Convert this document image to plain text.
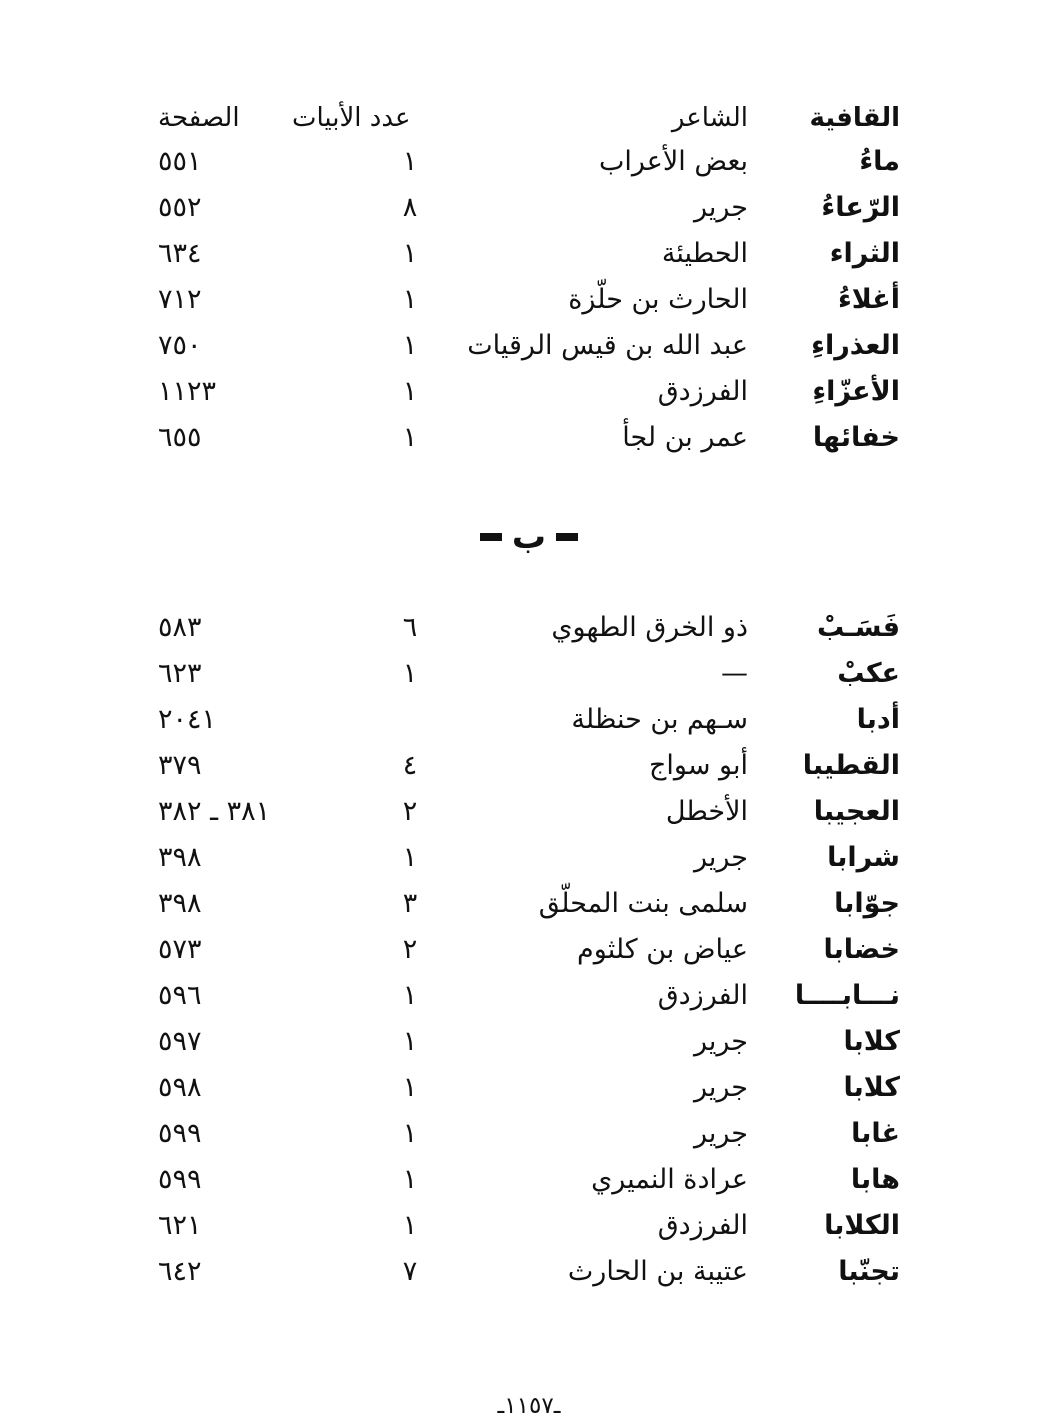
القافية
الشاعر
عدد الأبيات
الصفحة
ماءُ
بعض الأعراب
١
٥٥١
الرّعاءُ
جرير
٨
٥٥٢
الثراء
الحطيئة
١
٦٣٤
أغلاءُ
الحارث بن حلّزة
١
٧١٢
العذراءِ
عبد الله بن قيس الرقيات
١
٧٥٠
الأعزّاءِ
الفرزدق
١
١١٢٣
خفائها
عمر بن لجأ
١
٦٥٥
ب
فَسَـبْ
ذو الخرق الطهوي
٦
٥٨٣
عكبْ
—
١
٦٢٣
أدبا
سـهم بن حنظلة
٢٠٤١
القطيبا
أبو سواج
٤
٣٧٩
العجيبا
الأخطل
٢
٣٨١ ـ ٣٨٢
شرابا
جرير
١
٣٩٨
جوّابا
سلمى بنت المحلّق
٣
٣٩٨
خضابا
عياض بن كلثوم
٢
٥٧٣
نـــابــــا
الفرزدق
١
٥٩٦
كلابا
جرير
١
٥٩٧
كلابا
جرير
١
٥٩٨
غابا
جرير
١
٥٩٩
هابا
عرادة النميري
١
٥٩٩
الكلابا
الفرزدق
١
٦٢١
تجنّبا
عتيبة بن الحارث
٧
٦٤٢
ـ١١٥٧ـ
